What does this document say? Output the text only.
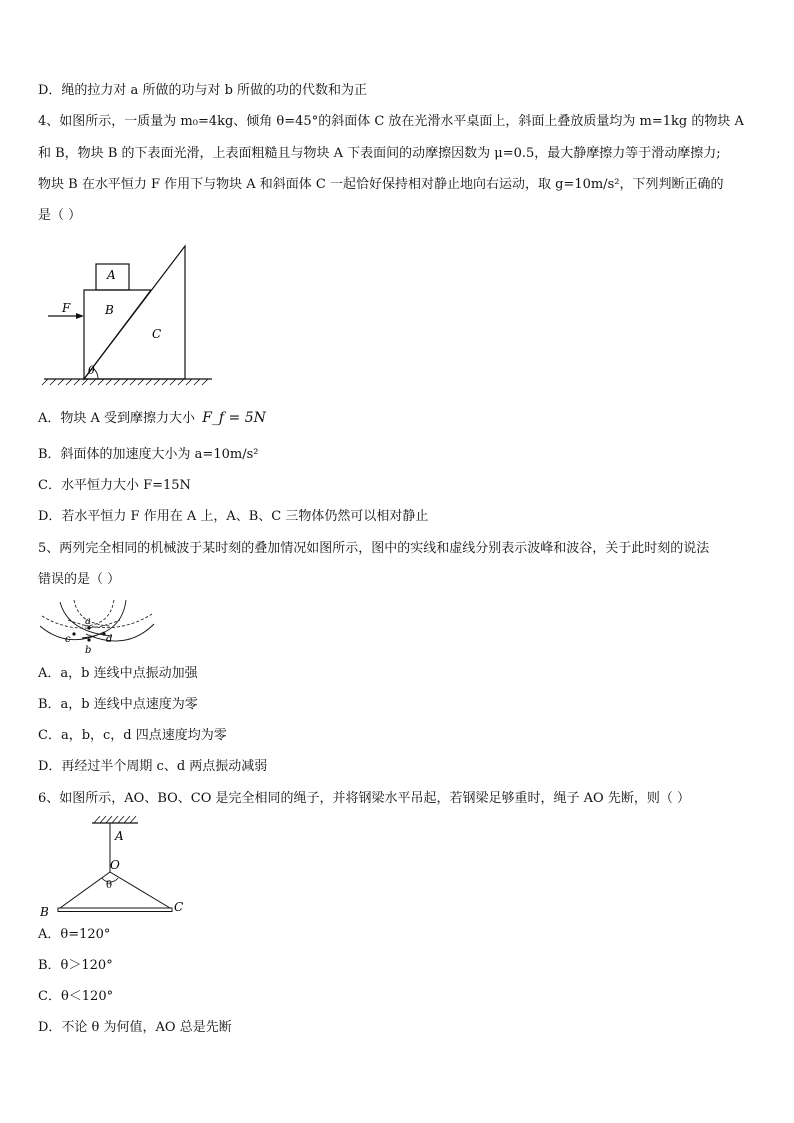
D．绳的拉力对 a 所做的功与对 b 所做的功的代数和为正
4、如图所示，一质量为 m₀=4kg、倾角 θ=45°的斜面体 C 放在光滑水平桌面上，斜面上叠放质量均为 m=1kg 的物块 A
和 B，物块 B 的下表面光滑，上表面粗糙且与物块 A 下表面间的动摩擦因数为 μ=0.5，最大静摩擦力等于滑动摩擦力;
物块 B 在水平恒力 F 作用下与物块 A 和斜面体 C 一起恰好保持相对静止地向右运动，取 g=10m/s²，下列判断正确的
是（ ）
A
B
C
F
θ
A．物块 A 受到摩擦力大小 F_f = 5N
B．斜面体的加速度大小为 a=10m/s²
C．水平恒力大小 F=15N
D．若水平恒力 F 作用在 A 上，A、B、C 三物体仍然可以相对静止
5、两列完全相同的机械波于某时刻的叠加情况如图所示，图中的实线和虚线分别表示波峰和波谷，关于此时刻的说法
错误的是（ ）
a
b
c	d
A．a，b 连线中点振动加强
B．a，b 连线中点速度为零
C．a，b，c，d 四点速度均为零
D．再经过半个周期 c、d 两点振动减弱
6、如图所示，AO、BO、CO 是完全相同的绳子，并将钢梁水平吊起，若钢梁足够重时，绳子 AO 先断，则（ ）
A
O
θ
B	C
A．θ=120°
B．θ＞120°
C．θ＜120°
D．不论 θ 为何值，AO 总是先断
